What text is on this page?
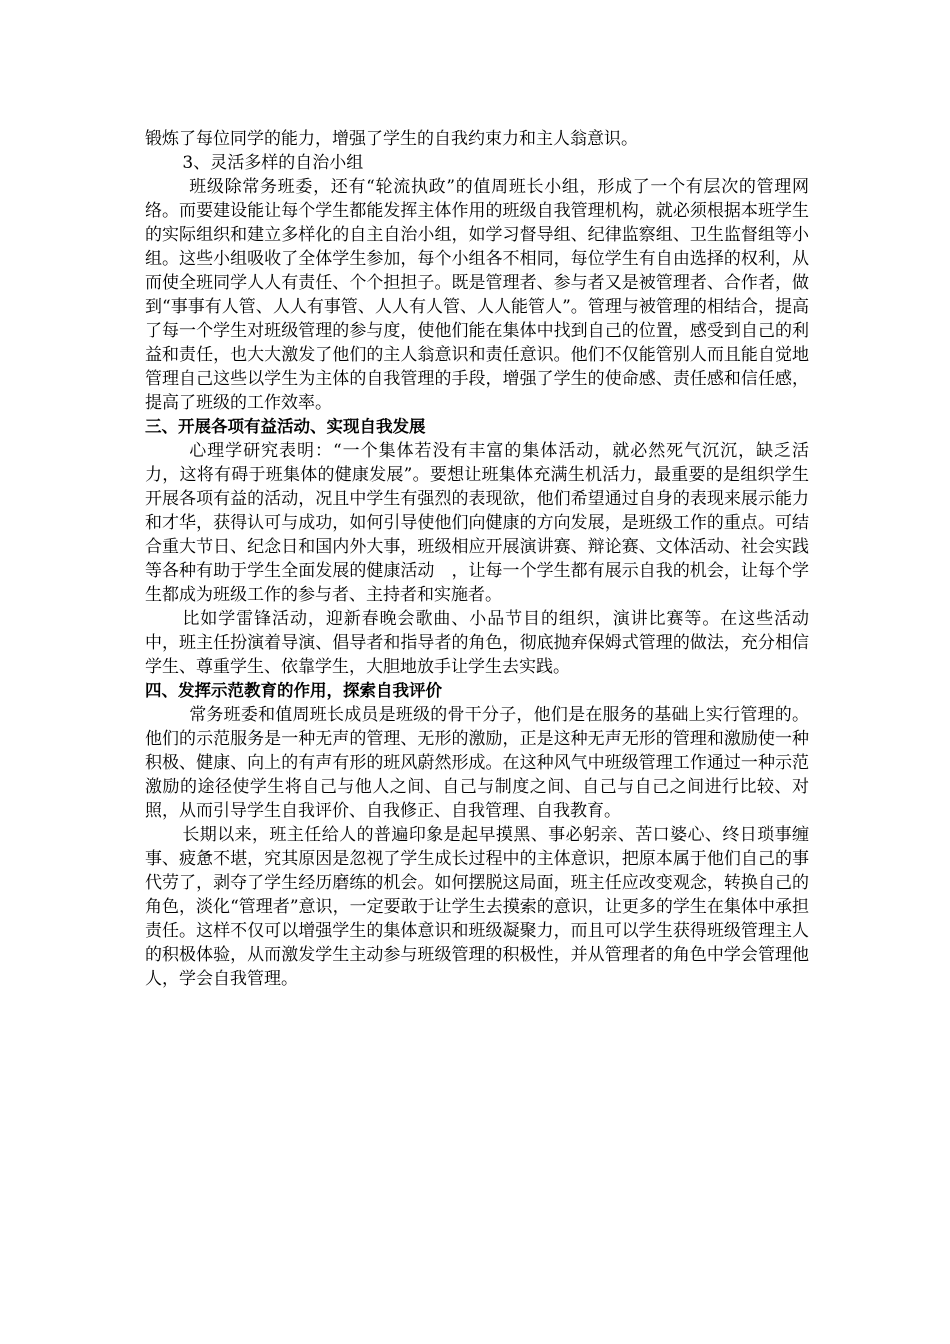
锻炼了每位同学的能力，增强了学生的自我约束力和主人翁意识。

3、灵活多样的自治小组

班级除常务班委，还有“轮流执政”的值周班长小组，形成了一个有层次的管理网络。而要建设能让每个学生都能发挥主体作用的班级自我管理机构，就必须根据本班学生的实际组织和建立多样化的自主自治小组，如学习督导组、纪律监察组、卫生监督组等小组。这些小组吸收了全体学生参加，每个小组各不相同，每位学生有自由选择的权利，从而使全班同学人人有责任、个个担担子。既是管理者、参与者又是被管理者、合作者，做到“事事有人管、人人有事管、人人有人管、人人能管人”。管理与被管理的相结合，提高了每一个学生对班级管理的参与度，使他们能在集体中找到自己的位置，感受到自己的利益和责任，也大大激发了他们的主人翁意识和责任意识。他们不仅能管别人而且能自觉地管理自己这些以学生为主体的自我管理的手段，增强了学生的使命感、责任感和信任感，提高了班级的工作效率。

三、开展各项有益活动、实现自我发展

心理学研究表明：“一个集体若没有丰富的集体活动，就必然死气沉沉，缺乏活力，这将有碍于班集体的健康发展”。要想让班集体充满生机活力，最重要的是组织学生开展各项有益的活动，况且中学生有强烈的表现欲，他们希望通过自身的表现来展示能力和才华，获得认可与成功，如何引导使他们向健康的方向发展，是班级工作的重点。可结合重大节日、纪念日和国内外大事，班级相应开展演讲赛、辩论赛、文体活动、社会实践等各种有助于学生全面发展的健康活动　，让每一个学生都有展示自我的机会，让每个学生都成为班级工作的参与者、主持者和实施者。

比如学雷锋活动，迎新春晚会歌曲、小品节目的组织，演讲比赛等。在这些活动中，班主任扮演着导演、倡导者和指导者的角色，彻底抛弃保姆式管理的做法，充分相信学生、尊重学生、依靠学生，大胆地放手让学生去实践。

四、发挥示范教育的作用，探索自我评价

常务班委和值周班长成员是班级的骨干分子，他们是在服务的基础上实行管理的。他们的示范服务是一种无声的管理、无形的激励，正是这种无声无形的管理和激励使一种积极、健康、向上的有声有形的班风蔚然形成。在这种风气中班级管理工作通过一种示范激励的途径使学生将自己与他人之间、自己与制度之间、自己与自己之间进行比较、对照，从而引导学生自我评价、自我修正、自我管理、自我教育。

长期以来，班主任给人的普遍印象是起早摸黑、事必躬亲、苦口婆心、终日琐事缠事、疲惫不堪，究其原因是忽视了学生成长过程中的主体意识，把原本属于他们自己的事代劳了，剥夺了学生经历磨练的机会。如何摆脱这局面，班主任应改变观念，转换自己的角色，淡化“管理者”意识，一定要敢于让学生去摸索的意识，让更多的学生在集体中承担责任。这样不仅可以增强学生的集体意识和班级凝聚力，而且可以学生获得班级管理主人的积极体验，从而激发学生主动参与班级管理的积极性，并从管理者的角色中学会管理他人，学会自我管理。
